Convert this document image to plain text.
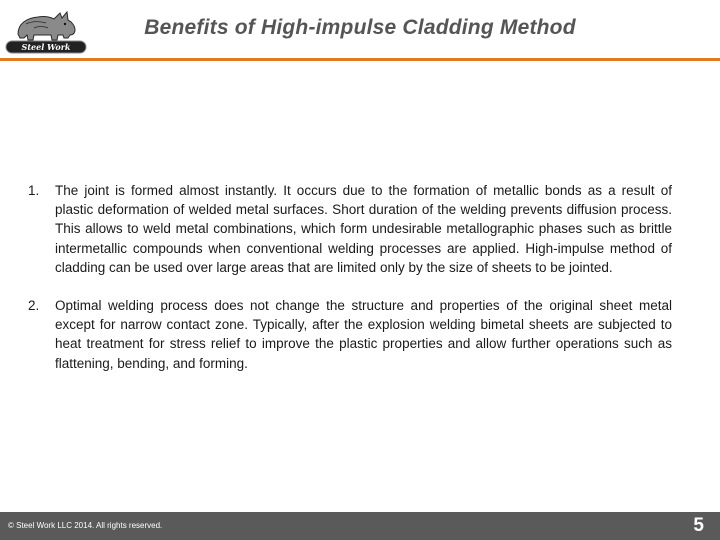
Steel Work
Benefits of High-impulse Cladding Method
1. The joint is formed almost instantly. It occurs due to the formation of metallic bonds as a result of plastic deformation of welded metal surfaces. Short duration of the welding prevents diffusion process. This allows to weld metal combinations, which form undesirable metallographic phases such as brittle intermetallic compounds when conventional welding processes are applied. High-impulse method of cladding can be used over large areas that are limited only by the size of sheets to be jointed.
2. Optimal welding process does not change the structure and properties of the original sheet metal except for narrow contact zone. Typically, after the explosion welding bimetal sheets are subjected to heat treatment for stress relief to improve the plastic properties and allow further operations such as flattening, bending, and forming.
© Steel Work LLC 2014. All rights reserved.	5
